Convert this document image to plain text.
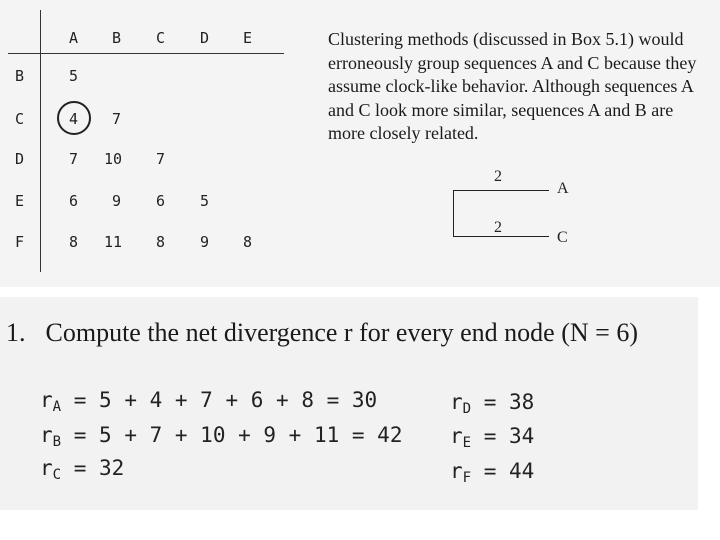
A B C D E
B
C
D
E
F
5
4 7
7 10 7
6 9 6 5
8 11 8 9 8
Clustering methods (discussed in Box 5.1) would erroneously group sequences A and C because they assume clock-like behavior. Although sequences A and C look more similar, sequences A and B are more closely related.
2
2
A
C
1. Compute the net divergence r for every end node (N = 6)
$r_A = 5 + 4 + 7 + 6 + 8 = 30$
$r_B = 5 + 7 + 10 + 9 + 11 = 42$
$r_C = 32$
$r_D = 38$
$r_E = 34$
$r_F = 44$
